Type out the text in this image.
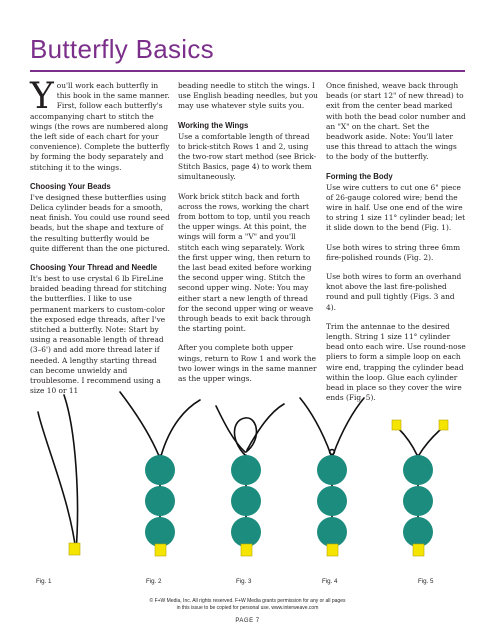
Butterfly Basics

You'll work each butterfly in this book in the same manner. First, follow each butterfly's accompanying chart to stitch the wings (the rows are numbered along the left side of each chart for your convenience). Complete the butterfly by forming the body separately and stitching it to the wings.

Choosing Your Beads

I've designed these butterflies using Delica cylinder beads for a smooth, neat finish. You could use round seed beads, but the shape and texture of the resulting butterfly would be quite different than the one pictured.

Choosing Your Thread and Needle

It's best to use crystal 6 lb FireLine braided beading thread for stitching the butterflies. I like to use permanent markers to custom-color the exposed edge threads, after I've stitched a butterfly. Note: Start by using a reasonable length of thread (3–6') and add more thread later if needed. A lengthy starting thread can become unwieldy and troublesome. I recommend using a size 10 or 11

beading needle to stitch the wings. I use English beading needles, but you may use whatever style suits you.

Working the Wings

Use a comfortable length of thread to brick-stitch Rows 1 and 2, using the two-row start method (see Brick-Stitch Basics, page 4) to work them simultaneously.

Work brick stitch back and forth across the rows, working the chart from bottom to top, until you reach the upper wings. At this point, the wings will form a "V" and you'll stitch each wing separately. Work the first upper wing, then return to the last bead exited before working the second upper wing. Stitch the second upper wing. Note: You may either start a new length of thread for the second upper wing or weave through beads to exit back through the starting point.

After you complete both upper wings, return to Row 1 and work the two lower wings in the same manner as the upper wings.

Once finished, weave back through beads (or start 12" of new thread) to exit from the center bead marked with both the bead color number and an "X" on the chart. Set the beadwork aside. Note: You'll later use this thread to attach the wings to the body of the butterfly.

Forming the Body

Use wire cutters to cut one 6" piece of 26-gauge colored wire; bend the wire in half. Use one end of the wire to string 1 size 11° cylinder bead; let it slide down to the bend (Fig. 1).

Use both wires to string three 6mm fire-polished rounds (Fig. 2).

Use both wires to form an overhand knot above the last fire-polished round and pull tightly (Figs. 3 and 4).

Trim the antennae to the desired length. String 1 size 11° cylinder bead onto each wire. Use round-nose pliers to form a simple loop on each wire end, trapping the cylinder bead within the loop. Glue each cylinder bead in place so they cover the wire ends (Fig. 5).

Fig. 1	Fig. 2	Fig. 3	Fig. 4	Fig. 5
© F+W Media, Inc. All rights reserved. F+W Media grants permission for any or all pages
in this issue to be copied for personal use. www.interweave.com
PAGE 7
